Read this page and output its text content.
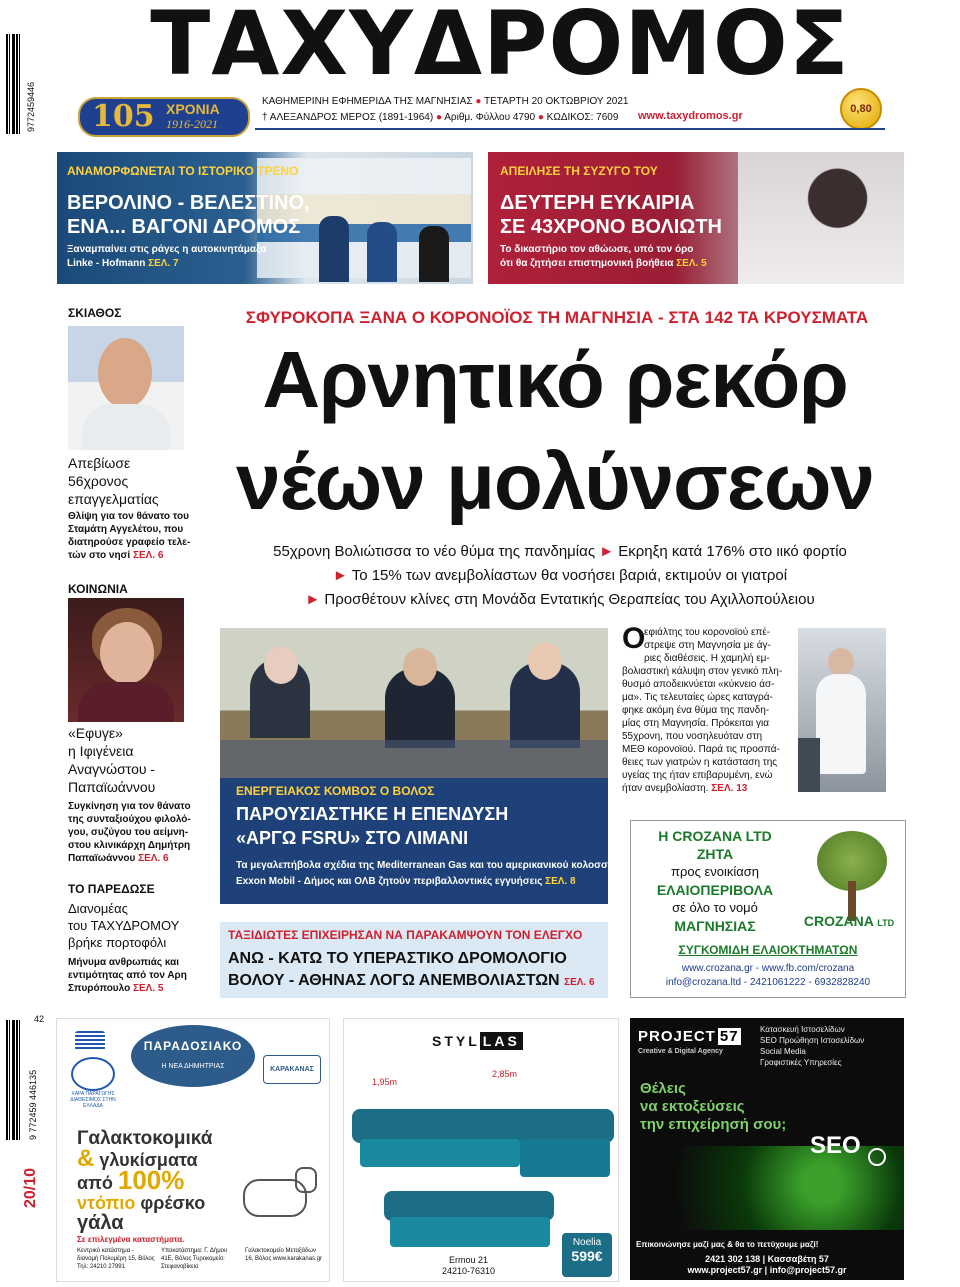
9772459446
ΤΑΧΥΔΡΟΜΟΣ
105 ΧΡΟΝΙΑ
1916-2021
ΚΑΘΗΜΕΡΙΝΗ ΕΦΗΜΕΡΙΔΑ ΤΗΣ ΜΑΓΝΗΣΙΑΣ ● ΤΕΤΑΡΤΗ 20 ΟΚΤΩΒΡΙΟΥ 2021
† ΑΛΕΞΑΝΔΡΟΣ ΜΕΡΟΣ (1891-1964) ● Αριθμ. Φύλλου 4790 ● ΚΩΔΙΚΟΣ: 7609 www.taxydromos.gr
0,80
ΑΝΑΜΟΡΦΩΝΕΤΑΙ ΤΟ ΙΣΤΟΡΙΚΟ ΤΡΕΝΟ
ΒΕΡΟΛΙΝΟ - ΒΕΛΕΣΤΙΝΟ,
ΕΝΑ... ΒΑΓΟΝΙ ΔΡΟΜΟΣ
Ξαναμπαίνει στις ράγες η αυτοκινητάμαξα
Linke - Hofmann ΣΕΛ. 7
ΑΠΕΙΛΗΣΕ ΤΗ ΣΥΖΥΓΟ ΤΟΥ
ΔΕΥΤΕΡΗ ΕΥΚΑΙΡΙΑ
ΣΕ 43ΧΡΟΝΟ ΒΟΛΙΩΤΗ
Το δικαστήριο τον αθώωσε, υπό τον όρο
ότι θα ζητήσει επιστημονική βοήθεια ΣΕΛ. 5
ΣΚΙΑΘΟΣ
Απεβίωσε
56χρονος
επαγγελματίας
Θλίψη για τον θάνατο του
Σταμάτη Αγγελέτου, που
διατηρούσε γραφείο τελε-
τών στο νησί ΣΕΛ. 6
ΚΟΙΝΩΝΙΑ
«Εφυγε»
η Ιφιγένεια
Αναγνώστου -
Παπαϊωάννου
Συγκίνηση για τον θάνατο
της συνταξιούχου φιλολό-
γου, συζύγου του αείμνη-
στου κλινικάρχη Δημήτρη
Παπαϊωάννου ΣΕΛ. 6
ΤΟ ΠΑΡΕΔΩΣΕ
Διανομέας
του ΤΑΧΥΔΡΟΜΟΥ
βρήκε πορτοφόλι
Μήνυμα ανθρωπιάς και
εντιμότητας από τον Αρη
Σπυρόπουλο ΣΕΛ. 5
ΣΦΥΡΟΚΟΠΑ ΞΑΝΑ Ο ΚΟΡΟΝΟΪΟΣ ΤΗ ΜΑΓΝΗΣΙΑ - ΣΤΑ 142 ΤΑ ΚΡΟΥΣΜΑΤΑ
Αρνητικό ρεκόρ
νέων μολύνσεων
55χρονη Βολιώτισσα το νέο θύμα της πανδημίας ► Εκρηξη κατά 176% στο ιικό φορτίο
► Το 15% των ανεμβολίαστων θα νοσήσει βαριά, εκτιμούν οι γιατροί
► Προσθέτουν κλίνες στη Μονάδα Εντατικής Θεραπείας του Αχιλλοπούλειου
ΕΝΕΡΓΕΙΑΚΟΣ ΚΟΜΒΟΣ Ο ΒΟΛΟΣ
ΠΑΡΟΥΣΙΑΣΤΗΚΕ Η ΕΠΕΝΔΥΣΗ
«ΑΡΓΩ FSRU» ΣΤΟ ΛΙΜΑΝΙ
Τα μεγαλεπήβολα σχέδια της Mediterranean Gas και του αμερικανικού κολοσσού
Exxon Mobil - Δήμος και ΟΛΒ ζητούν περιβαλλοντικές εγγυήσεις ΣΕΛ. 8
Ο
εφιάλτης του κορονοϊού επέ-
στρεψε στη Μαγνησία με άγ-
ριες διαθέσεις. Η χαμηλή εμ-
βολιαστική κάλυψη στον γενικό πλη-
θυσμό αποδεικνύεται «κύκνειο άσ-
μα». Τις τελευταίες ώρες καταγρά-
φηκε ακόμη ένα θύμα της πανδη-
μίας στη Μαγνησία. Πρόκειται για
55χρονη, που νοσηλευόταν στη
ΜΕΘ κορονοϊού. Παρά τις προσπά-
θειες των γιατρών η κατάσταση της
υγείας της ήταν επιβαρυμένη, ενώ
ήταν ανεμβολίαστη. ΣΕΛ. 13
ΤΑΞΙΔΙΩΤΕΣ ΕΠΙΧΕΙΡΗΣΑΝ ΝΑ ΠΑΡΑΚΑΜΨΟΥΝ ΤΟΝ ΕΛΕΓΧΟ
ΑΝΩ - ΚΑΤΩ ΤΟ ΥΠΕΡΑΣΤΙΚΟ ΔΡΟΜΟΛΟΓΙΟ
ΒΟΛΟΥ - ΑΘΗΝΑΣ ΛΟΓΩ ΑΝΕΜΒΟΛΙΑΣΤΩΝ ΣΕΛ. 6
Η CROZANA LTD
ΖΗΤΑ
προς ενοικίαση
ΕΛΑΙΟΠΕΡΙΒΟΛΑ
σε όλο το νομό
ΜΑΓΝΗΣΙΑΣ	CROZANA LTD
ΣΥΓΚΟΜΙΔΗ ΕΛΑΙΟΚΤΗΜΑΤΩΝ
www.crozana.gr - www.fb.com/crozana
info@crozana.ltd - 2421061222 - 6932828240
42
9 772459 446135
20/10
ΧΑΡΑ ΠΑΡΑΓΩΓΗΣ ΔΙΑΘΕΣΙΜΟΣ ΣΤΗΝ ΕΛΛΑΔΑ
ΠΑΡΑΔΟΣΙΑΚΟ
Η ΝΕΑ ΔΗΜΗΤΡΙΑΣ	ΚΑΡΑΚΑΝΑΣ
Γαλακτοκομικά
& γλυκίσματα
από 100%
ντόπιο φρέσκο
γάλα
Σε επιλεγμένα καταστήματα.
Κεντρικό κατάστημα - διανομή Πολυμέρη 15, Βόλος Τηλ: 24210 27991
Υποκατάστημα: Γ. Δήμου 41Ε, Βόλος Τυροκομείο: Στεφανοβίκειο
Γαλακτοκομείο Μεταξάδων 16, Βόλος www.karakanas.gr
STYL LAS
1,95m
2,85m
Ermou 21
24210-76310
Noelia
599€
PROJECT 57
Creative & Digital Agency
Κατασκευή Ιστοσελίδων
SEO Προώθηση Ιστοσελίδων
Social Media
Γραφιστικές Υπηρεσίες
Θέλεις
να εκτοξεύσεις
την επιχείρησή σου;
SEO
Επικοινώνησε μαζί μας & θα το πετύχουμε μαζί!
2421 302 138 | Κασσαβέτη 57
www.project57.gr | info@project57.gr
